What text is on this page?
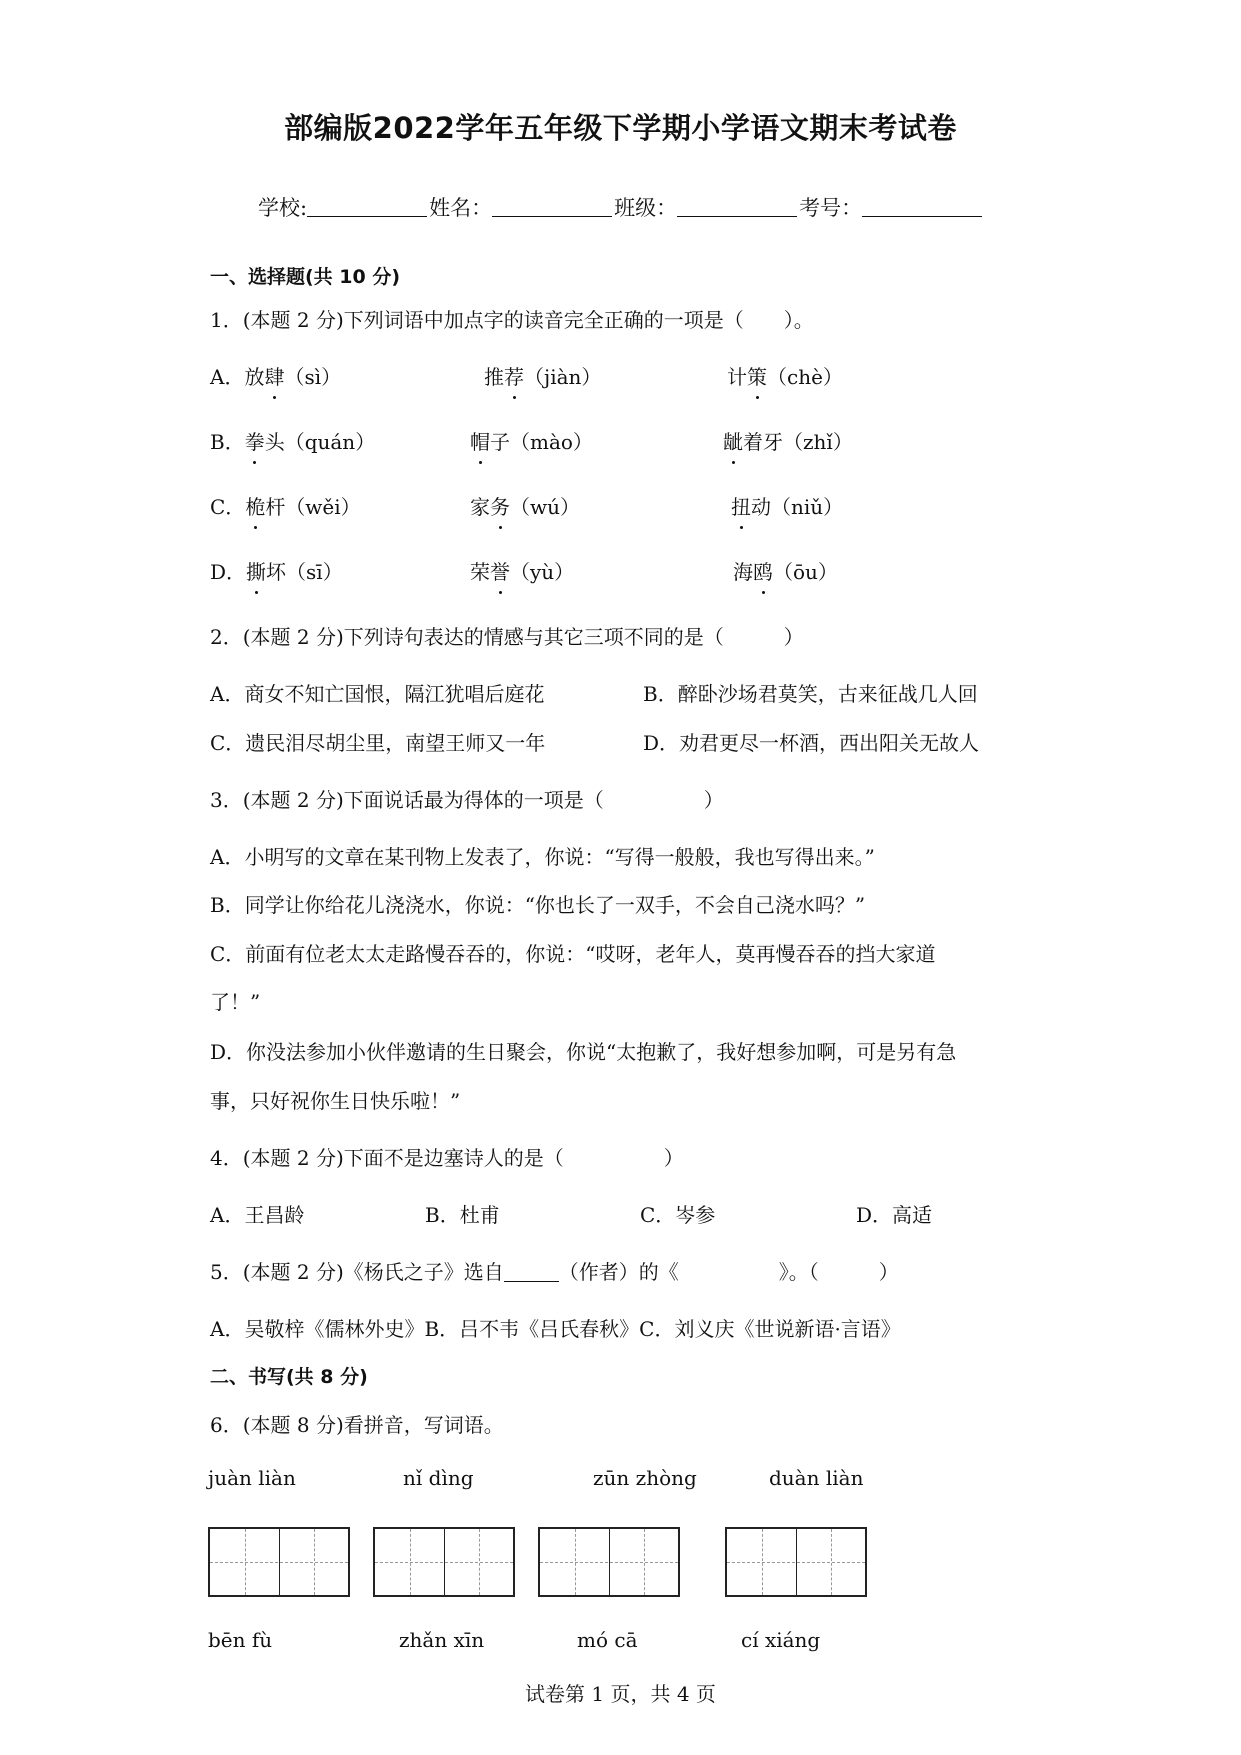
部编版2022学年五年级下学期小学语文期末考试卷
学校:	姓名：	班级：	考号：
一、选择题(共 10 分)
1．(本题 2 分)下列词语中加点字的读音完全正确的一项是（　　）。
A．放肆（sì）	推荐（jiàn）	计策（chè）
B．拳头（quán）	帽子（mào）	龇着牙（zhǐ）
C．桅杆（wěi）	家务（wú）	扭动（niǔ）
D．撕坏（sī）	荣誉（yù）	海鸥（ōu）
2．(本题 2 分)下列诗句表达的情感与其它三项不同的是（　　　）
A．商女不知亡国恨，隔江犹唱后庭花	B．醉卧沙场君莫笑，古来征战几人回
C．遗民泪尽胡尘里，南望王师又一年	D．劝君更尽一杯酒，西出阳关无故人
3．(本题 2 分)下面说话最为得体的一项是（　　　　　）
A．小明写的文章在某刊物上发表了，你说：“写得一般般，我也写得出来。”
B．同学让你给花儿浇浇水，你说：“你也长了一双手，不会自己浇水吗？”
C．前面有位老太太走路慢吞吞的，你说：“哎呀，老年人，莫再慢吞吞的挡大家道
了！”
D．你没法参加小伙伴邀请的生日聚会，你说“太抱歉了，我好想参加啊，可是另有急
事，只好祝你生日快乐啦！”
4．(本题 2 分)下面不是边塞诗人的是（　　　　　）
A．王昌龄	B．杜甫	C．岑参	D．高适
5．(本题 2 分)《杨氏之子》选自	（作者）的《　　　　　》。（　　　）
A．吴敬梓《儒林外史》B．吕不韦《吕氏春秋》C．刘义庆《世说新语·言语》
二、书写(共 8 分)
6．(本题 8 分)看拼音，写词语。
juàn liàn	nǐ dìng	zūn zhòng	duàn liàn
bēn fù	zhǎn xīn	mó cā	cí xiáng
试卷第 1 页，共 4 页
